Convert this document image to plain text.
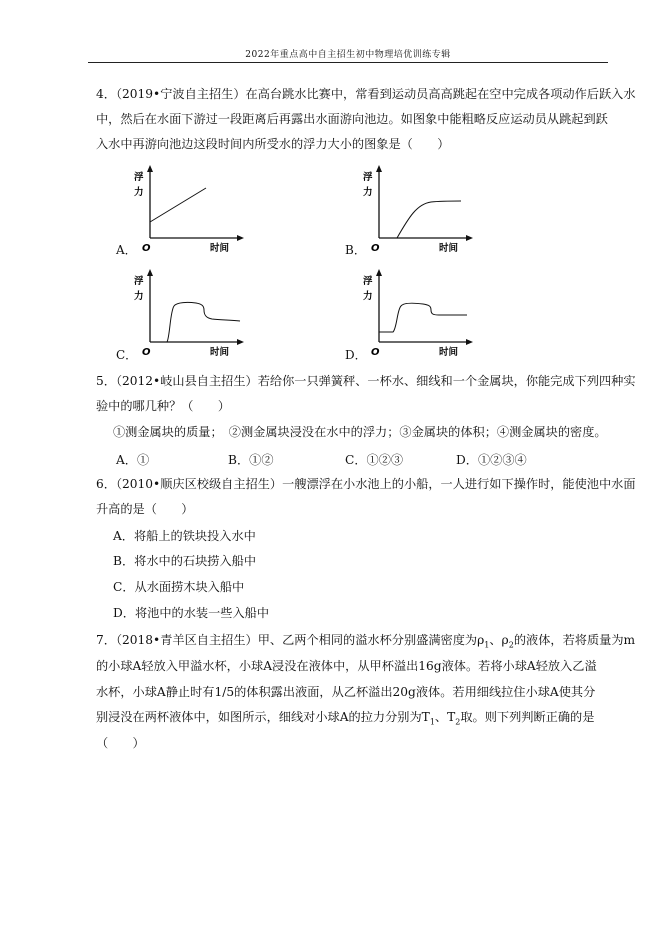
2022年重点高中自主招生初中物理培优训练专辑
4．（2019•宁波自主招生）在高台跳水比赛中，常看到运动员高高跳起在空中完成各项动作后跃入水
中，然后在水面下游过一段距离后再露出水面游向池边。如图象中能粗略反应运动员从跳起到跃
入水中再游向池边这段时间内所受水的浮力大小的图象是（　　）
A．
浮
力
O	时间	B．
浮
力
O	时间
C．
浮
力
O	时间	D．
浮
力
O	时间
5．（2012•岐山县自主招生）若给你一只弹簧秤、一杯水、细线和一个金属块，你能完成下列四种实
验中的哪几种？（　　）
①测金属块的质量；　②测金属块浸没在水中的浮力；③金属块的体积；④测金属块的密度。
A．①	B．①②	C．①②③	D．①②③④
6．（2010•顺庆区校级自主招生）一艘漂浮在小水池上的小船，一人进行如下操作时，能使池中水面
升高的是（　　）
A．将船上的铁块投入水中
B．将水中的石块捞入船中
C．从水面捞木块入船中
D．将池中的水装一些入船中
7．（2018•青羊区自主招生）甲、乙两个相同的溢水杯分别盛满密度为$\rho_1$、$\rho_2$的液体，若将质量为m
的小球A轻放入甲溢水杯，小球A浸没在液体中，从甲杯溢出16g液体。若将小球A轻放入乙溢
水杯，小球A静止时有1/5的体积露出液面，从乙杯溢出20g液体。若用细线拉住小球A使其分
别浸没在两杯液体中，如图所示，细线对小球A的拉力分别为$T_1$、$T_2$取。则下列判断正确的是
（　　）
